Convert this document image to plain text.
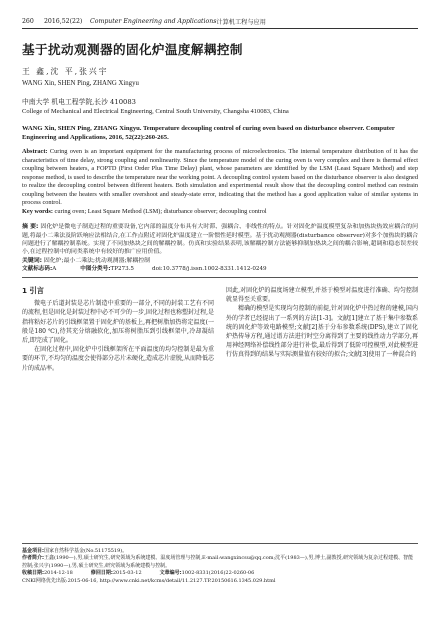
260	2016,52(22)	Computer Engineering and Applications 计算机工程与应用
基于扰动观测器的固化炉温度解耦控制
王 鑫,沈 平,张兴宇
WANG Xin, SHEN Ping, ZHANG Xingyu
中南大学 机电工程学院,长沙 410083
College of Mechanical and Electrical Engineering, Central South University, Changsha 410083, China
WANG Xin, SHEN Ping, ZHANG Xingyu. Temperature decoupling control of curing oven based on disturbance observer. Computer Engineering and Applications, 2016, 52(22):260-265.
Abstract: Curing oven is an important equipment for the manufacturing process of microelectronics. The internal temperature distribution of it has the characteristics of time delay, strong coupling and nonlinearity. Since the temperature model of the curing oven is very complex and there is thermal effect coupling between heaters, a FOPTD (First Order Plus Time Delay) plant, whose parameters are identified by the LSM (Least Square Method) and step response method, is used to describe the temperature near the working point. A decoupling control system based on the disturbance observer is also designed to realize the decoupling control between different heaters. Both simulation and experimental result show that the decoupling control method can restrain coupling between the heaters with smaller overshoot and steady-state error, indicating that the method has a good application value of similar systems in process control.
Key words: curing oven; Least Square Method (LSM); disturbance observer; decoupling control
摘 要: 固化炉是微电子制造过程的重要设备,它内部的温度分布具有大时滞、强耦合、非线性的特点。针对固化炉温度模型复杂和加热块热效应耦合的问题,将最小二乘法及阶跃响应法相结合,在工作点附近对固化炉温度建立一阶惯性延时模型。基于扰动观测器(disturbance observer)对多个加热块的耦合问题进行了解耦控制系统。实现了不同加热块之间的解耦控制。仿真和实验结果表明,该解耦控制方法能够抑制加热块之间的耦合影响,超调和稳态误差较小,在过程控制中的同类系统中有较好的推广应用价值。
关键词: 固化炉;最小二乘法;扰动观测器;解耦控制
文献标志码:A	中图分类号:TP273.5	doi:10.3778/j.issn.1002-8331.1412-0249
1 引言
微电子后道封装是芯片制造中重要的一部分,不同的封装工艺有不同的流程,但是固化是封装过程中必不可少的一步,固化过程也称塑封过程,是指将粘好芯片的引线框架置于固化炉的基板上,再把树脂加热将定温度(一般是180 ℃),待其充分熔融软化,加压将树脂压到引线框架中,冷却凝结后,即完成了固化。
在固化过程中,固化炉中引线框架所在平面温度的均匀控制是最为重要的环节,不均匀的温度会使得部分芯片未硬化,造成芯片虚脱,从而降低芯片的成品率。
因此,对固化炉的温度场建立模型,并基于模型对温度进行准确、均匀控制就显得至关重要。
精确的模型是实现均匀控制的前提,针对固化炉中热过程的建模,国内外的学者已经提出了一系列的方法[1-3]。文献[1]建立了基于集中参数系统的固化炉等效电路模型;文献[2]基于分布参数系统(DPS),建立了固化炉热传导方程,通过谱方法进行时空分离得到了主要的线性动力学部分,再用神经网络补偿线性部分进行补偿,最后得到了低阶可控模型,对此模型进行仿真得到的结果与实际测量值有较好的拟合;文献[3]使用了一种混合的
基金项目:国家自然科学基金(No.51175519)。
作者简介:王鑫(1990—),男,硕士研究生,研究领域为系统建模、温度场管理与控制,E-mail:wangxincsu@qq.com;沈平(1983—),男,博士,副教授,研究领域为复杂过程建模、智能控制;张兴宇(1990—),男,硕士研究生,研究领域为系统建模与控制。
收稿日期:2014-12-18	修回日期:2015-03-12	文章编号:1002-8331(2016)22-0260-06
CNKI网络优先出版:2015-06-16, http://www.cnki.net/kcms/detail/11.2127.TP.20150616.1345.029.html
